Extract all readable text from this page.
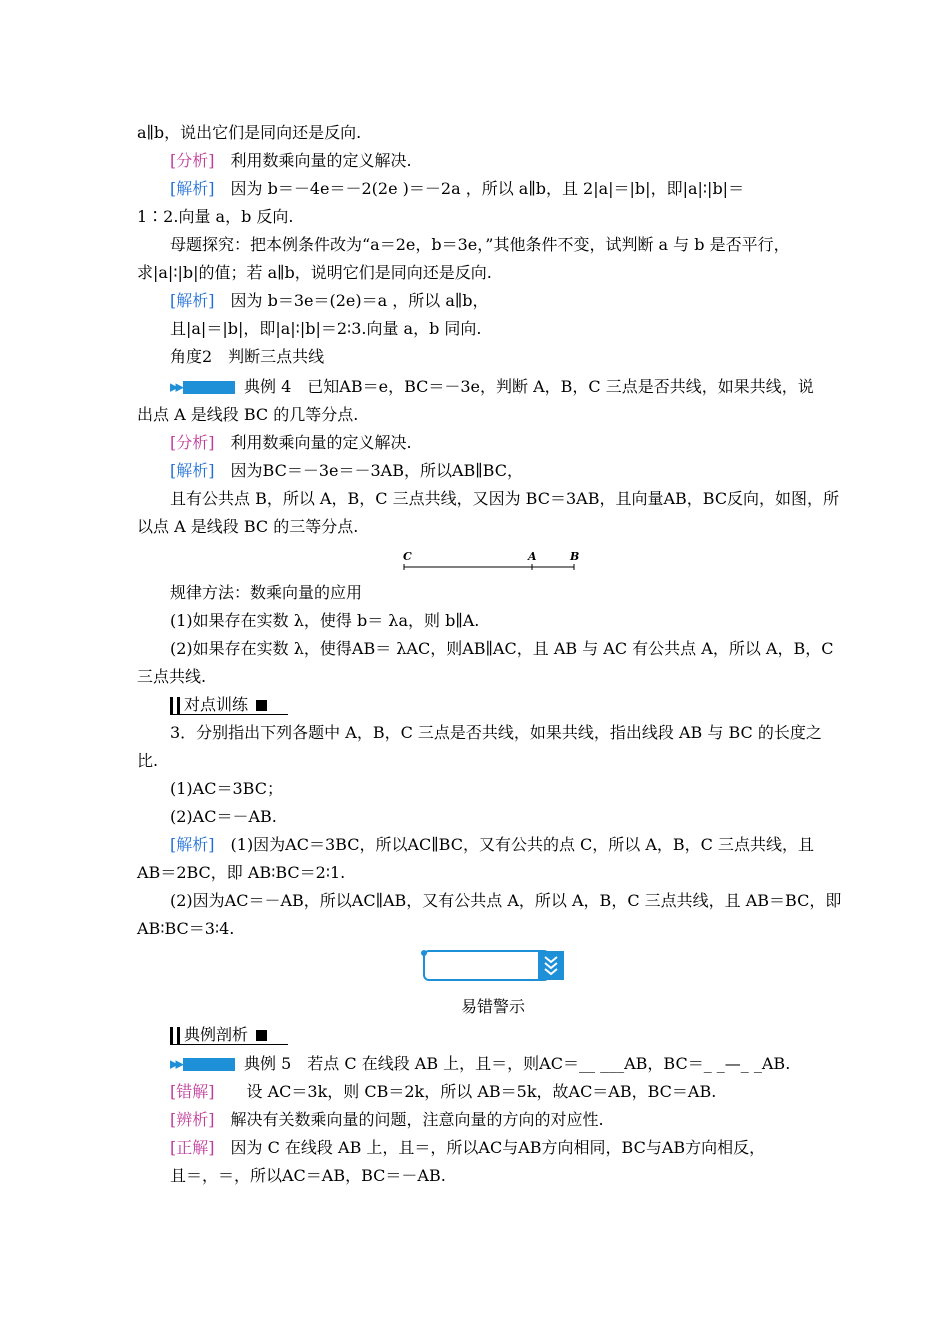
a∥b，说出它们是同向还是反向.
[分析]　 利用数乘向量的定义解决.
[解析]　 因为 b＝－4e＝－2(2e )＝－2a ，所以 a∥b，且 2|a|＝|b|，即|a|∶|b|＝
1∶2.向量 a，b 反向.
母题探究：把本例条件改为“a＝2e，b＝3e，”其他条件不变，试判断 a 与 b 是否平行，
求|a|∶|b|的值；若 a∥b，说明它们是同向还是反向.
[解析]　 因为 b＝3e＝(2e)＝a ，所以 a∥b，
且|a|＝|b|，即|a|∶|b|＝2∶3.向量 a，b 同向.
角度2　判断三点共线
▶▶	典例 4　已知AB＝e，BC＝－3e，判断 A，B，C 三点是否共线，如果共线，说
出点 A 是线段 BC 的几等分点.
[分析]　 利用数乘向量的定义解决.
[解析]　 因为BC＝－3e＝－3AB，所以AB∥BC，
且有公共点 B，所以 A，B，C 三点共线，又因为 BC＝3AB，且向量AB，BC反向，如图，所
以点 A 是线段 BC 的三等分点.
C	A	B
规律方法：数乘向量的应用
(1)如果存在实数 λ，使得 b＝ λa，则 b∥A.
(2)如果存在实数 λ，使得AB＝ λAC，则AB∥AC，且 AB 与 AC 有公共点 A，所以 A，B，C
三点共线.
对点训练
3．分别指出下列各题中 A，B，C 三点是否共线，如果共线，指出线段 AB 与 BC 的长度之
比.
(1)AC＝3BC；
(2)AC＝－AB.
[解析]　 (1)因为AC＝3BC，所以AC∥BC，又有公共的点 C，所以 A，B，C 三点共线，且
AB＝2BC，即 AB∶BC＝2∶1.
(2)因为AC＝－AB，所以AC∥AB，又有公共点 A，所以 A，B，C 三点共线，且 AB＝BC，即
AB∶BC＝3∶4.
易错警示
典例剖析
▶▶	典例 5　若点 C 在线段 AB 上，且＝，则AC＝__ ___AB，BC＝_ _—_ _AB.
[错解]　　 设 AC＝3k，则 CB＝2k，所以 AB＝5k，故AC＝AB，BC＝AB.
[辨析]　 解决有关数乘向量的问题，注意向量的方向的对应性.
[正解]　 因为 C 在线段 AB 上，且＝，所以AC与AB方向相同，BC与AB方向相反，
且＝，＝，所以AC＝AB，BC＝－AB.
